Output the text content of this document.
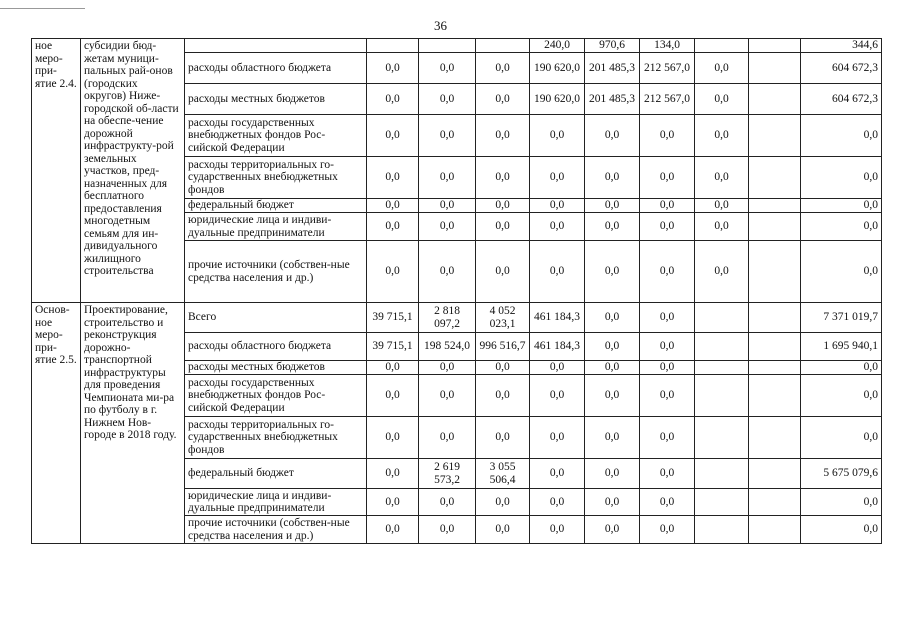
36
ное меро-при-ятие 2.4.	субсидии бюд-жетам муници-пальных рай-онов (городских округов) Ниже-городской об-ласти на обеспе-чение дорожной инфраструкту-рой земельных участков, пред-назначенных для бесплатного предоставления многодетным семьям для ин-дивидуального жилищного строительства					240,0	970,6	134,0			344,6
		расходы областного бюджета	0,0	0,0	0,0	190 620,0	201 485,3	212 567,0	0,0		604 672,3
		расходы местных бюджетов	0,0	0,0	0,0	190 620,0	201 485,3	212 567,0	0,0		604 672,3
		расходы государственных внебюджетных фондов Рос-сийской Федерации	0,0	0,0	0,0	0,0	0,0	0,0	0,0		0,0
		расходы территориальных го-сударственных внебюджетных фондов	0,0	0,0	0,0	0,0	0,0	0,0	0,0		0,0
		федеральный бюджет	0,0	0,0	0,0	0,0	0,0	0,0	0,0		0,0
		юридические лица и индиви-дуальные предприниматели	0,0	0,0	0,0	0,0	0,0	0,0	0,0		0,0
		прочие источники (собствен-ные средства населения и др.)	0,0	0,0	0,0	0,0	0,0	0,0	0,0		0,0
Основ-ное меро-при-ятие 2.5.	Проектирование, строительство и реконструкция дорожно-транспортной инфраструктуры для проведения Чемпионата ми-ра по футболу в г. Нижнем Нов-городе в 2018 году.	Всего	39 715,1	2 818 097,2	4 052 023,1	461 184,3	0,0	0,0			7 371 019,7
		расходы областного бюджета	39 715,1	198 524,0	996 516,7	461 184,3	0,0	0,0			1 695 940,1
		расходы местных бюджетов	0,0	0,0	0,0	0,0	0,0	0,0			0,0
		расходы государственных внебюджетных фондов Рос-сийской Федерации	0,0	0,0	0,0	0,0	0,0	0,0			0,0
		расходы территориальных го-сударственных внебюджетных фондов	0,0	0,0	0,0	0,0	0,0	0,0			0,0
		федеральный бюджет	0,0	2 619 573,2	3 055 506,4	0,0	0,0	0,0			5 675 079,6
		юридические лица и индиви-дуальные предприниматели	0,0	0,0	0,0	0,0	0,0	0,0			0,0
		прочие источники (собствен-ные средства населения и др.)	0,0	0,0	0,0	0,0	0,0	0,0			0,0
